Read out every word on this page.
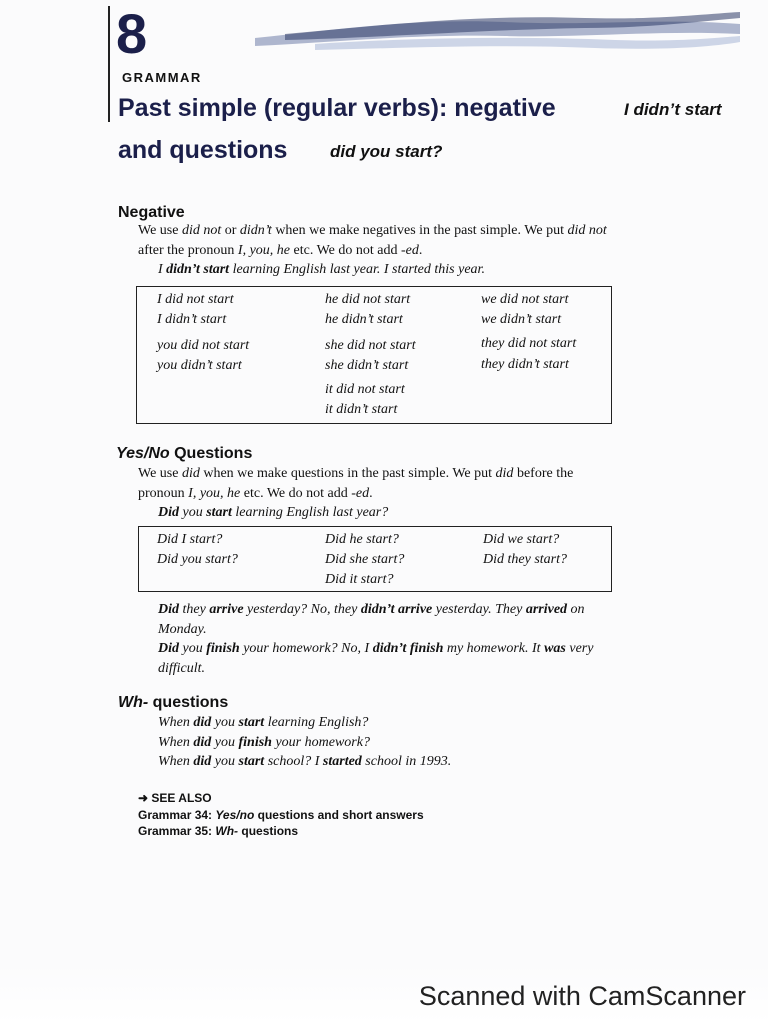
8
GRAMMAR
Past simple (regular verbs): negative	I didn’t start
and questions	did you start?
Negative
We use did not or didn’t when we make negatives in the past simple. We put did not
after the pronoun I, you, he etc. We do not add -ed.
I didn’t start learning English last year. I started this year.
I did not start
I didn’t start
you did not start
you didn’t start
he did not start
he didn’t start
she did not start
she didn’t start
it did not start
it didn’t start
we did not start
we didn’t start
they did not start
they didn’t start
Yes/No Questions
We use did when we make questions in the past simple. We put did before the
pronoun I, you, he etc. We do not add -ed.
Did you start learning English last year?
Did I start?
Did you start?
Did he start?
Did she start?
Did it start?
Did we start?
Did they start?
Did they arrive yesterday? No, they didn’t arrive yesterday. They arrived on
Monday.
Did you finish your homework? No, I didn’t finish my homework. It was very
difficult.
Wh- questions
When did you start learning English?
When did you finish your homework?
When did you start school? I started school in 1993.
➜ SEE ALSO
Grammar 34: Yes/no questions and short answers
Grammar 35: Wh- questions
Scanned with CamScanner
